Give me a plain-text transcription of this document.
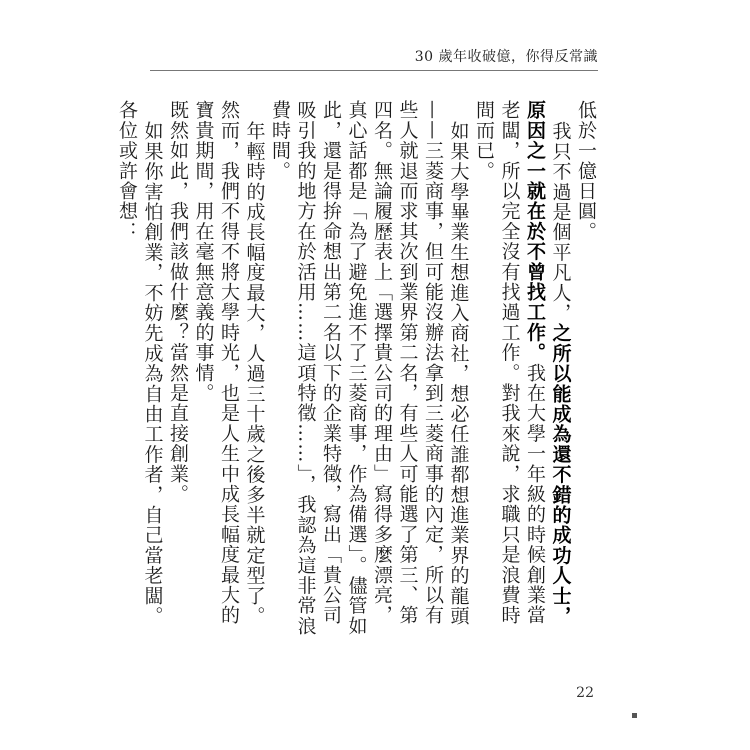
30 歲年收破億，你得反常識

低於一億日圓。

我只不過是個平凡人，之所以能成為還不錯的成功人士，原因之一就在於不曾找工作。我在大學一年級的時候創業當老闆，所以完全沒有找過工作。對我來說，求職只是浪費時間而已。

如果大學畢業生想進入商社，想必任誰都想進業界的龍頭——三菱商事，但可能沒辦法拿到三菱商事的內定，所以有些人就退而求其次到業界第二名，有些人可能選了第三、第四名。無論履歷表上「選擇貴公司的理由」寫得多麼漂亮，真心話都是「為了避免進不了三菱商事，作為備選」。儘管如此，還是得拚命想出第二名以下的企業特徵，寫出「貴公司吸引我的地方在於活用……這項特徵……」，我認為這非常浪費時間。

年輕時的成長幅度最大，人過三十歲之後多半就定型了。然而，我們不得不將大學時光，也是人生中成長幅度最大的寶貴期間，用在毫無意義的事情。

既然如此，我們該做什麼？當然是直接創業。

如果你害怕創業，不妨先成為自由工作者，自己當老闆。各位或許會想：

22
